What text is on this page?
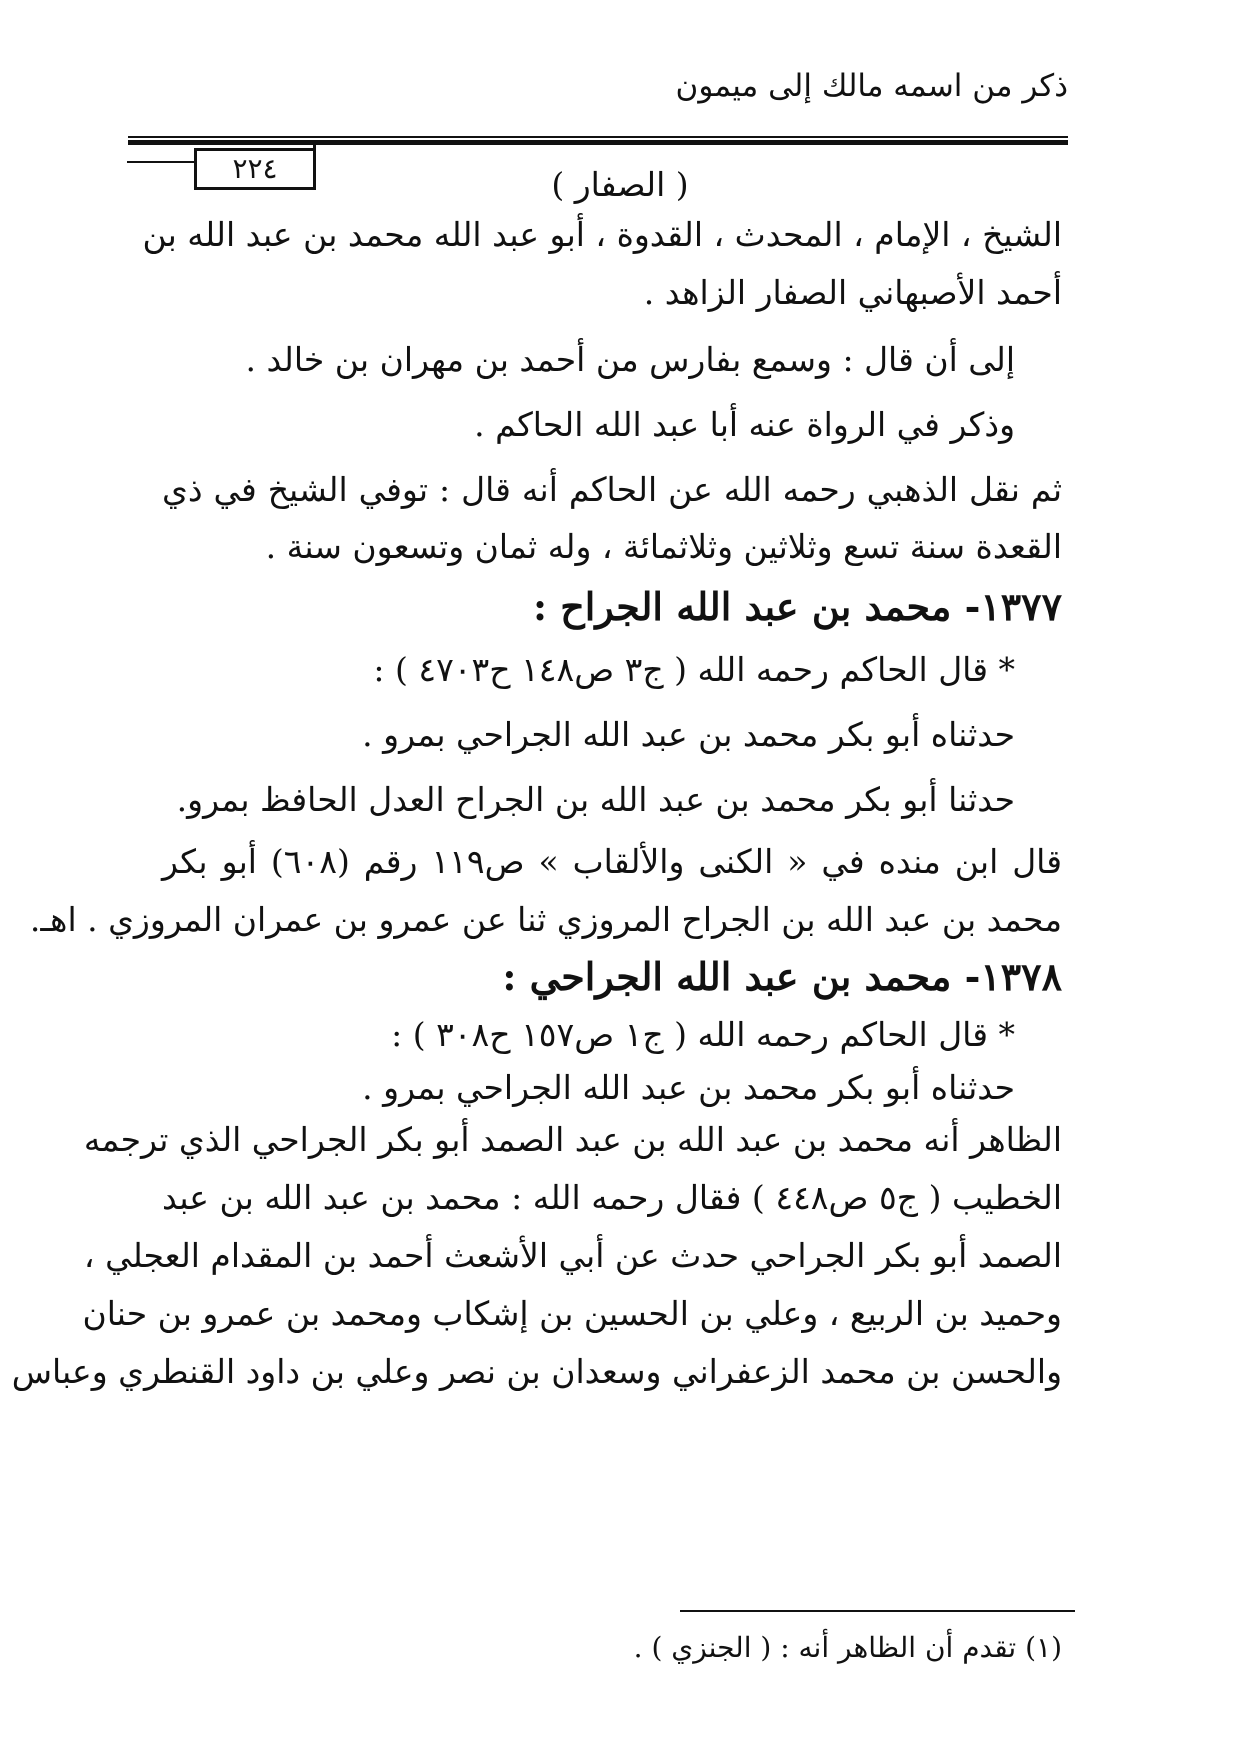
ذكر من اسمه مالك إلى ميمون
٢٢٤	( الصفار )
الشيخ ، الإمام ، المحدث ، القدوة ، أبو عبد الله محمد بن عبد الله بن
أحمد الأصبهاني الصفار الزاهد .
إلى أن قال : وسمع بفارس من أحمد بن مهران بن خالد .
وذكر في الرواة عنه أبا عبد الله الحاكم .
ثم نقل الذهبي رحمه الله عن الحاكم أنه قال : توفي الشيخ في ذي
القعدة سنة تسع وثلاثين وثلاثمائة ، وله ثمان وتسعون سنة .
١٣٧٧- محمد بن عبد الله الجراح :
* قال الحاكم رحمه الله ( ج٣ ص١٤٨ ح٤٧٠٣ ) :
حدثناه أبو بكر محمد بن عبد الله الجراحي بمرو .
حدثنا أبو بكر محمد بن عبد الله بن الجراح العدل الحافظ بمرو.
قال ابن منده في « الكنى والألقاب » ص١١٩ رقم (٦٠٨) أبو بكر
محمد بن عبد الله بن الجراح المروزي ثنا عن عمرو بن عمران المروزي . اهـ.
١٣٧٨- محمد بن عبد الله الجراحي :
* قال الحاكم رحمه الله ( ج١ ص١٥٧ ح٣٠٨ ) :
حدثناه أبو بكر محمد بن عبد الله الجراحي بمرو .
الظاهر أنه محمد بن عبد الله بن عبد الصمد أبو بكر الجراحي الذي ترجمه
الخطيب ( ج٥ ص٤٤٨ ) فقال رحمه الله : محمد بن عبد الله بن عبد
الصمد أبو بكر الجراحي حدث عن أبي الأشعث أحمد بن المقدام العجلي ،
وحميد بن الربيع ، وعلي بن الحسين بن إشكاب ومحمد بن عمرو بن حنان
والحسن بن محمد الزعفراني وسعدان بن نصر وعلي بن داود القنطري وعباس
(١) تقدم أن الظاهر أنه : ( الجنزي ) .
